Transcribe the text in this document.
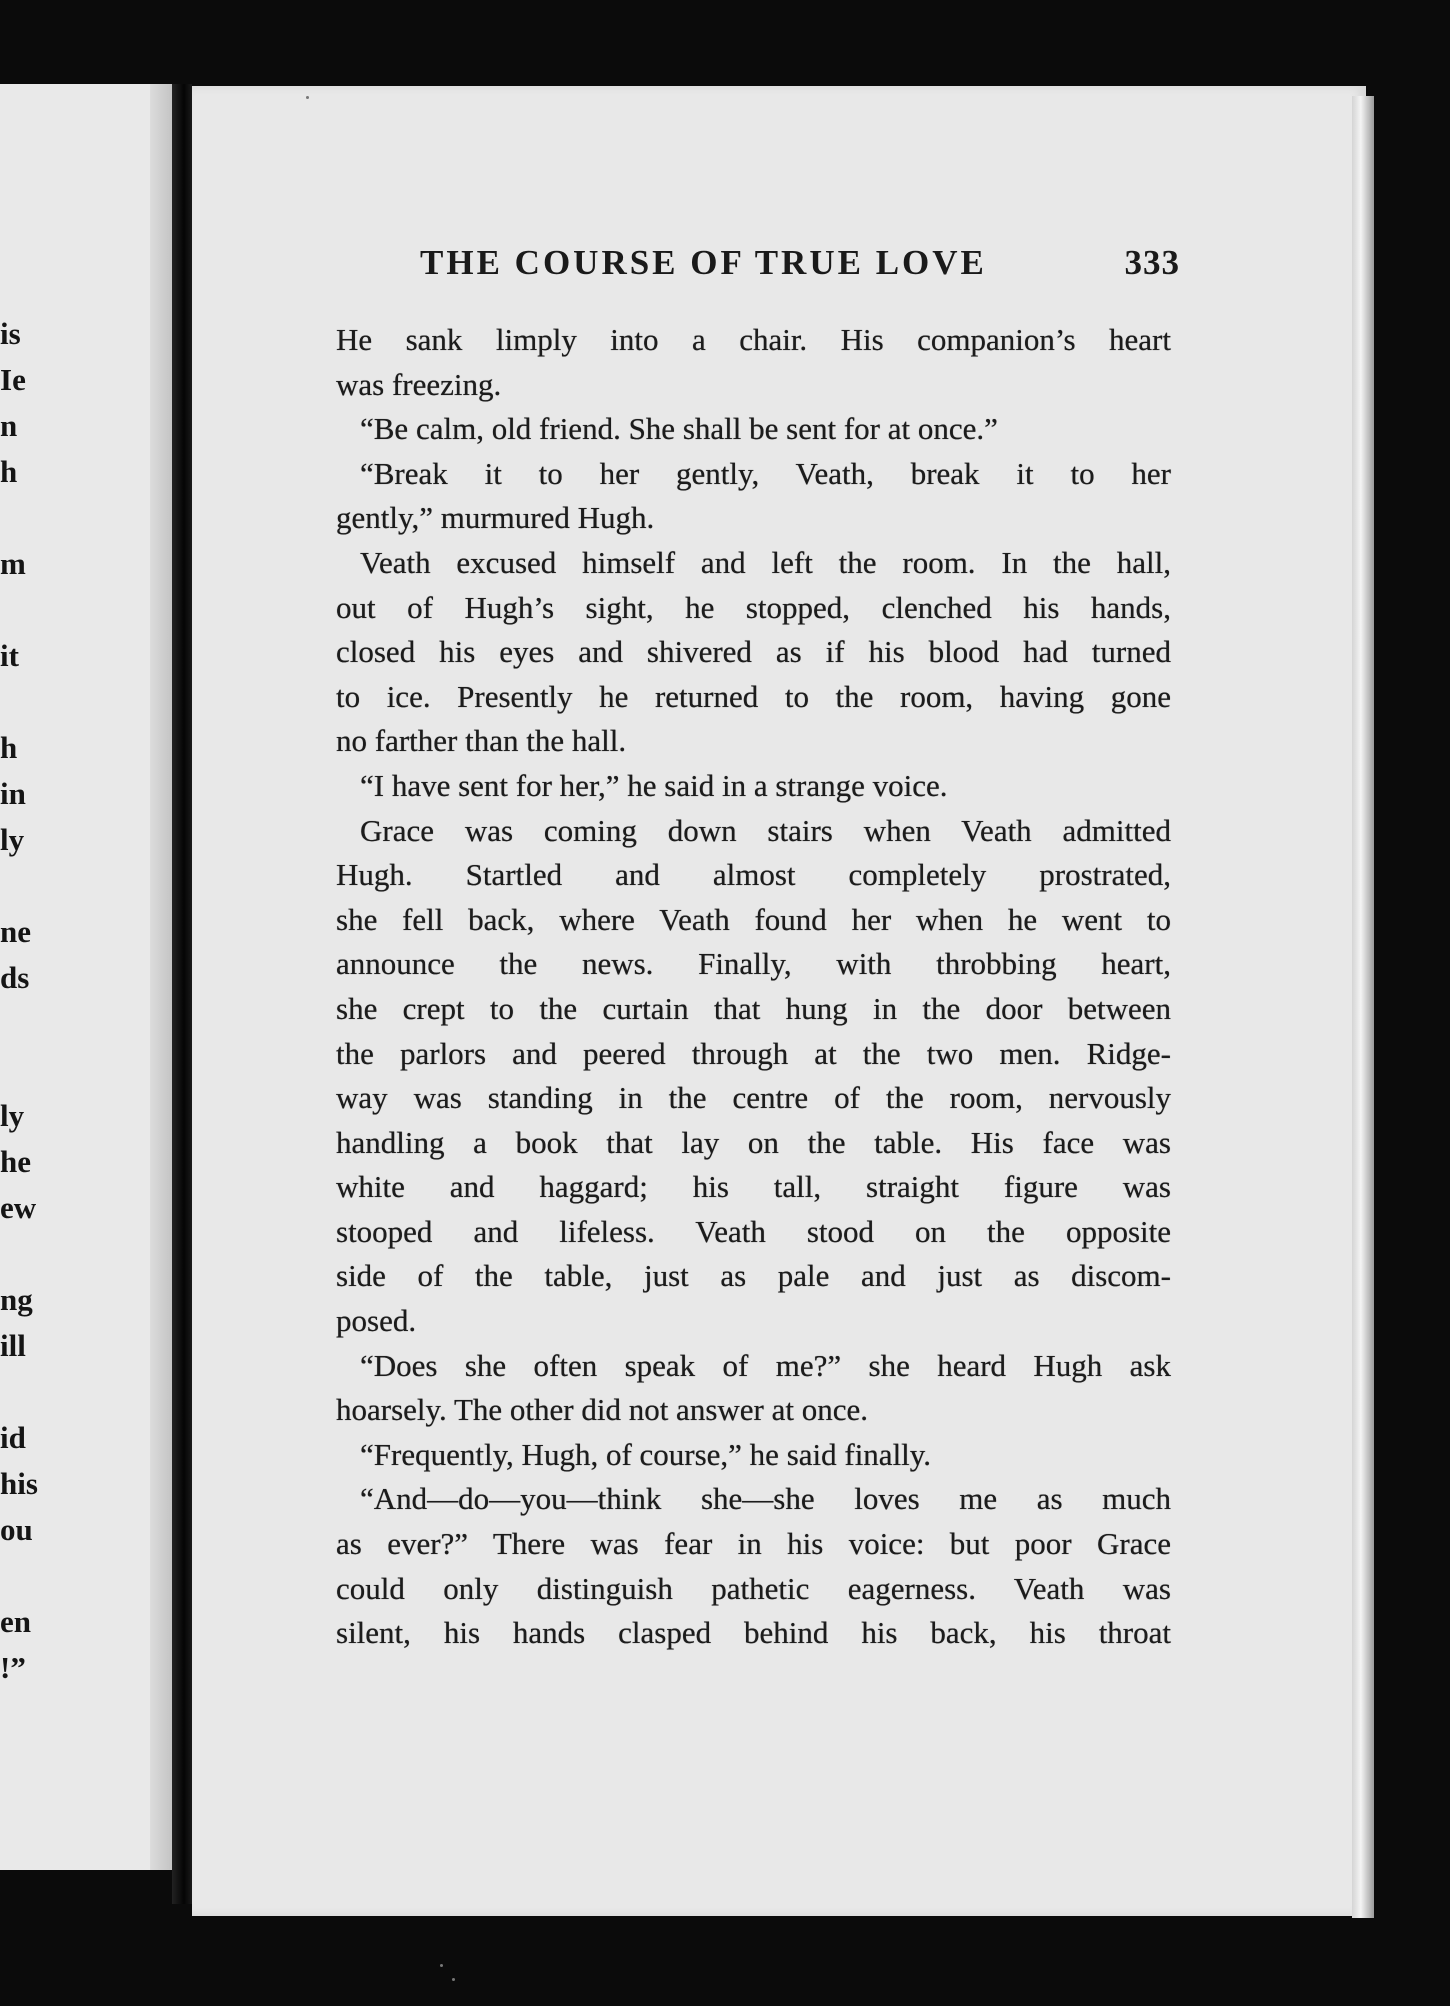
is
Ie
n
h
m
it
h
in
ly
ne
ds
ly
he
ew
ng
ill
id
his
ou
en
!”
THE COURSE OF TRUE LOVE	333
He sank limply into a chair. His companion’s heart
was freezing.
“Be calm, old friend. She shall be sent for at once.”
“Break it to her gently, Veath, break it to her
gently,” murmured Hugh.
Veath excused himself and left the room. In the hall,
out of Hugh’s sight, he stopped, clenched his hands,
closed his eyes and shivered as if his blood had turned
to ice. Presently he returned to the room, having gone
no farther than the hall.
“I have sent for her,” he said in a strange voice.
Grace was coming down stairs when Veath admitted
Hugh. Startled and almost completely prostrated,
she fell back, where Veath found her when he went to
announce the news. Finally, with throbbing heart,
she crept to the curtain that hung in the door between
the parlors and peered through at the two men. Ridge-
way was standing in the centre of the room, nervously
handling a book that lay on the table. His face was
white and haggard; his tall, straight figure was
stooped and lifeless. Veath stood on the opposite
side of the table, just as pale and just as discom-
posed.
“Does she often speak of me?” she heard Hugh ask
hoarsely. The other did not answer at once.
“Frequently, Hugh, of course,” he said finally.
“And—do—you—think she—she loves me as much
as ever?” There was fear in his voice: but poor Grace
could only distinguish pathetic eagerness. Veath was
silent, his hands clasped behind his back, his throat
